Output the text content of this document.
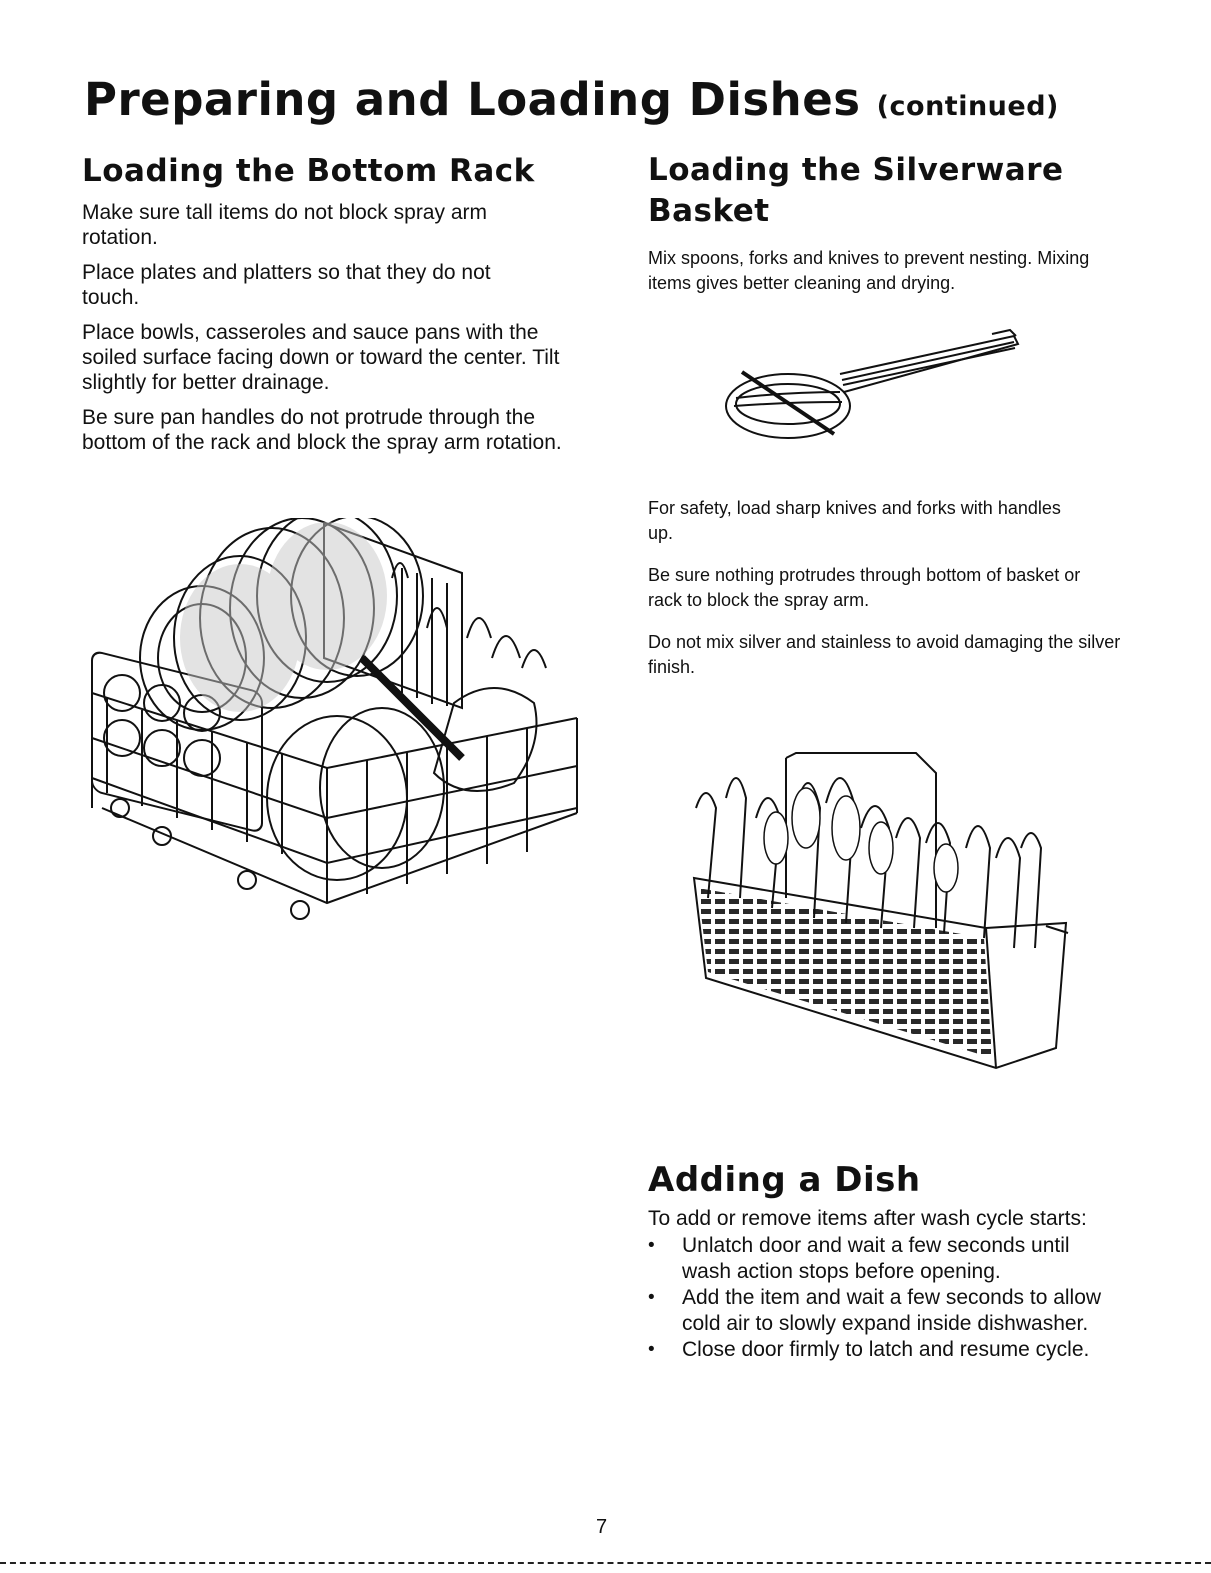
Preparing and Loading Dishes (continued)
Loading the Bottom Rack

Make sure tall items do not block spray arm rotation.

Place plates and platters so that they do not touch.

Place bowls, casseroles and sauce pans with the soiled surface facing down or toward the center. Tilt slightly for better drainage.

Be sure pan handles do not protrude through the bottom of the rack and block the spray arm rotation.

Loading the Silverware Basket

Mix spoons, forks and knives to prevent nesting. Mixing items gives better cleaning and drying.

For safety, load sharp knives and forks with handles up.

Be sure nothing protrudes through bottom of basket or rack to block the spray arm.

Do not mix silver and stainless to avoid damaging the silver finish.

Adding a Dish

To add or remove items after wash cycle starts:

•	Unlatch door and wait a few seconds until wash action stops before opening.
•	Add the item and wait a few seconds to allow cold air to slowly expand inside dishwasher.
•	Close door firmly to latch and resume cycle.
7
